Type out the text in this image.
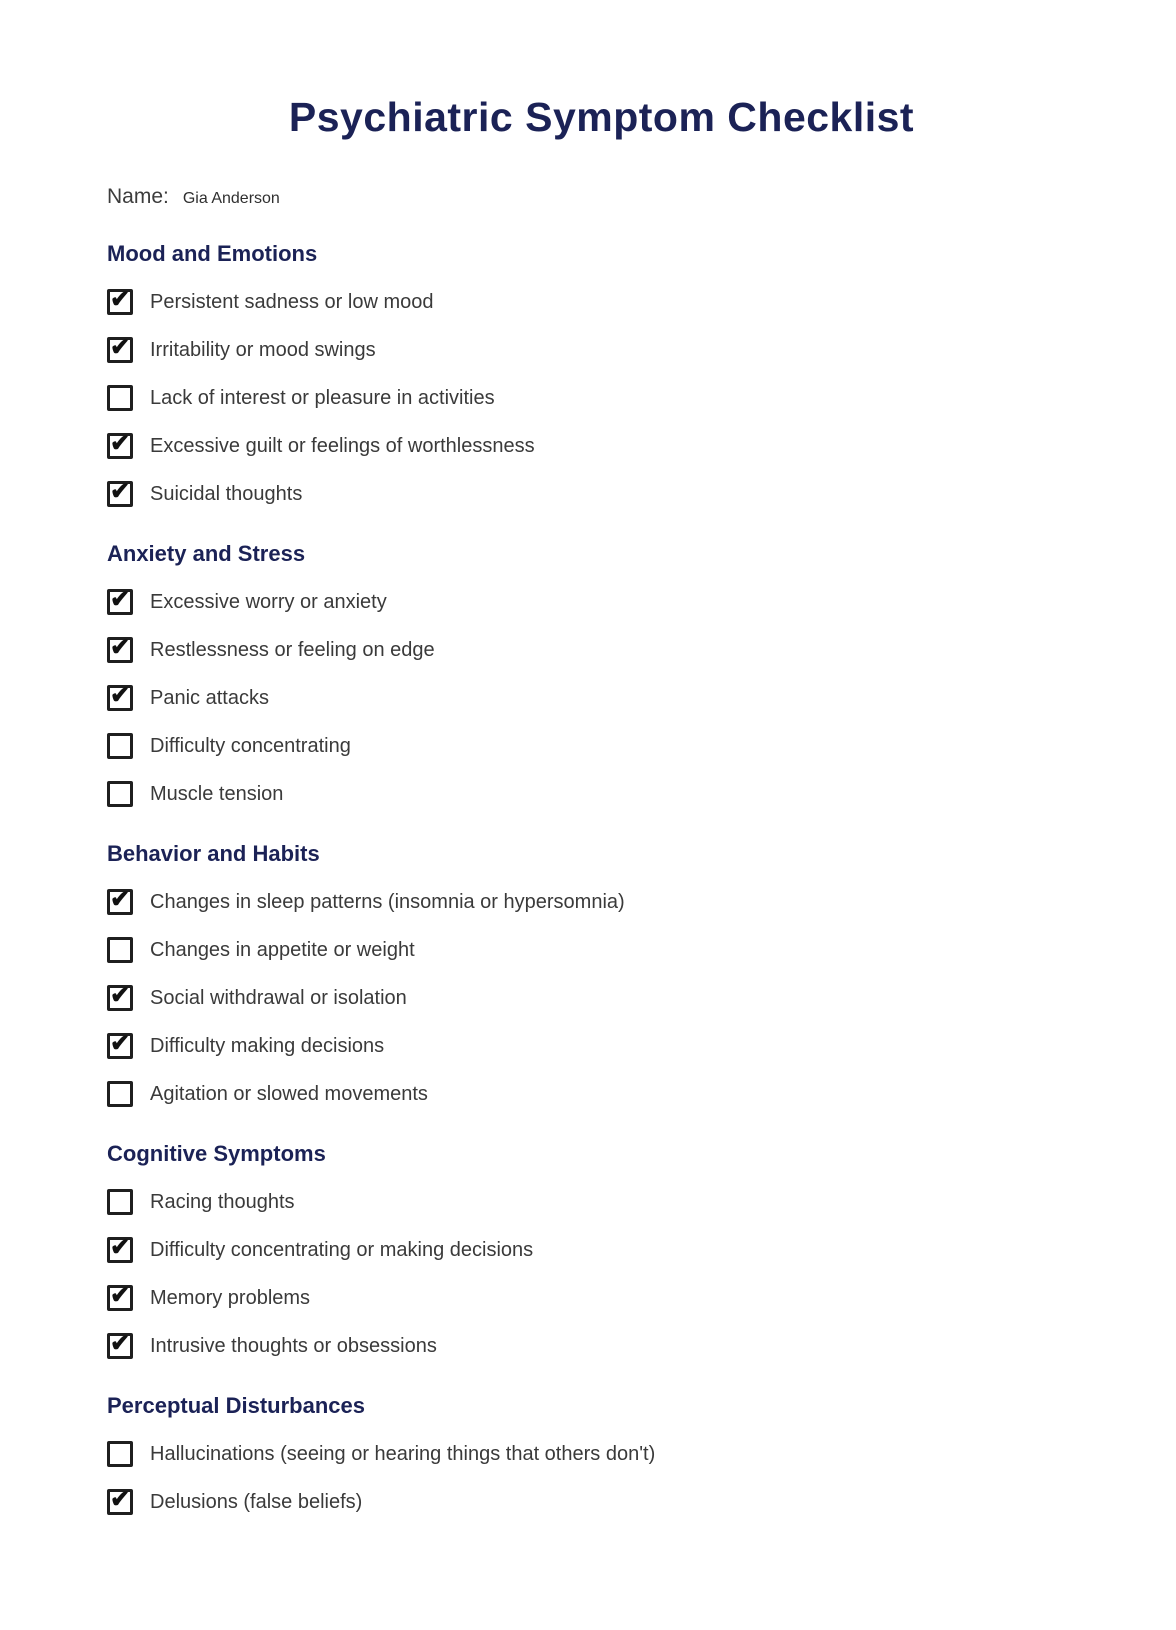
Psychiatric Symptom Checklist
Name: Gia Anderson
Mood and Emotions
✔ Persistent sadness or low mood
✔ Irritability or mood swings
Lack of interest or pleasure in activities
✔ Excessive guilt or feelings of worthlessness
✔ Suicidal thoughts
Anxiety and Stress
✔ Excessive worry or anxiety
✔ Restlessness or feeling on edge
✔ Panic attacks
Difficulty concentrating
Muscle tension
Behavior and Habits
✔ Changes in sleep patterns (insomnia or hypersomnia)
Changes in appetite or weight
✔ Social withdrawal or isolation
✔ Difficulty making decisions
Agitation or slowed movements
Cognitive Symptoms
Racing thoughts
✔ Difficulty concentrating or making decisions
✔ Memory problems
✔ Intrusive thoughts or obsessions
Perceptual Disturbances
Hallucinations (seeing or hearing things that others don't)
✔ Delusions (false beliefs)
